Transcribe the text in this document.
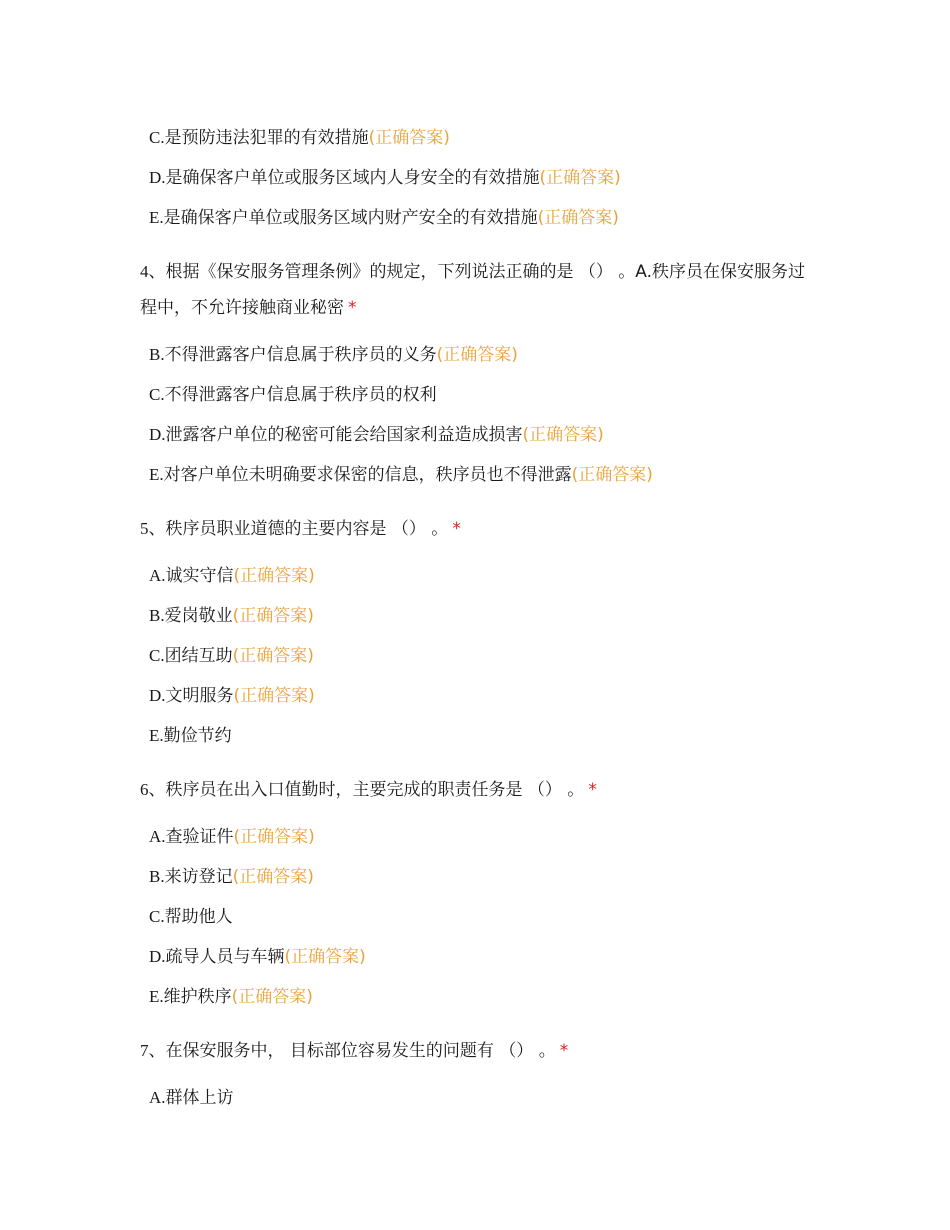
C.是预防违法犯罪的有效措施(正确答案)
D.是确保客户单位或服务区域内人身安全的有效措施(正确答案)
E.是确保客户单位或服务区域内财产安全的有效措施(正确答案)
4、根据《保安服务管理条例》的规定，下列说法正确的是 （） 。A.秩序员在保安服务过程中，不允许接触商业秘密 *
B.不得泄露客户信息属于秩序员的义务(正确答案)
C.不得泄露客户信息属于秩序员的权利
D.泄露客户单位的秘密可能会给国家利益造成损害(正确答案)
E.对客户单位未明确要求保密的信息，秩序员也不得泄露(正确答案)
5、秩序员职业道德的主要内容是 （） 。 *
A.诚实守信(正确答案)
B.爱岗敬业(正确答案)
C.团结互助(正确答案)
D.文明服务(正确答案)
E.勤俭节约
6、秩序员在出入口值勤时，主要完成的职责任务是 （） 。 *
A.查验证件(正确答案)
B.来访登记(正确答案)
C.帮助他人
D.疏导人员与车辆(正确答案)
E.维护秩序(正确答案)
7、在保安服务中， 目标部位容易发生的问题有 （） 。 *
A.群体上访
